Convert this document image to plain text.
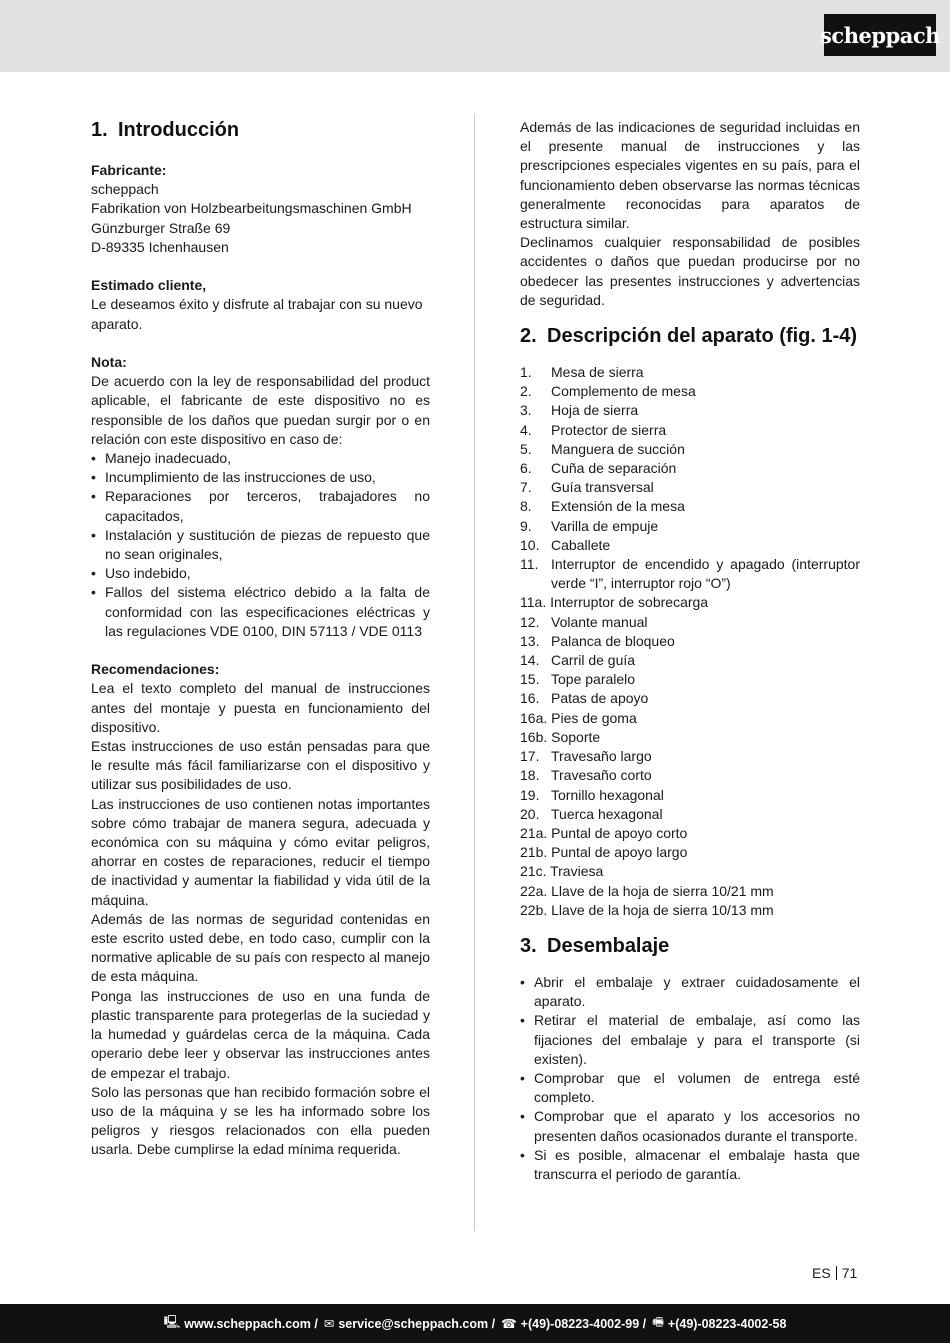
scheppach
1. Introducción
Fabricante:
scheppach
Fabrikation von Holzbearbeitungsmaschinen GmbH
Günzburger Straße 69
D-89335 Ichenhausen
Estimado cliente,

Le deseamos éxito y disfrute al trabajar con su nuevo aparato.

Nota:

De acuerdo con la ley de responsabilidad del product aplicable, el fabricante de este dispositivo no es responsible de los daños que puedan surgir por o en relación con este dispositivo en caso de:

• Manejo inadecuado,
• Incumplimiento de las instrucciones de uso,
• Reparaciones por terceros, trabajadores no capacitados,
• Instalación y sustitución de piezas de repuesto que no sean originales,
• Uso indebido,
• Fallos del sistema eléctrico debido a la falta de conformidad con las especificaciones eléctricas y las regulaciones VDE 0100, DIN 57113 / VDE 0113
Recomendaciones:

Lea el texto completo del manual de instrucciones antes del montaje y puesta en funcionamiento del dispositivo.

Estas instrucciones de uso están pensadas para que le resulte más fácil familiarizarse con el dispositivo y utilizar sus posibilidades de uso.

Las instrucciones de uso contienen notas importantes sobre cómo trabajar de manera segura, adecuada y económica con su máquina y cómo evitar peligros, ahorrar en costes de reparaciones, reducir el tiempo de inactividad y aumentar la fiabilidad y vida útil de la máquina.

Además de las normas de seguridad contenidas en este escrito usted debe, en todo caso, cumplir con la normative aplicable de su país con respecto al manejo de esta máquina.

Ponga las instrucciones de uso en una funda de plastic transparente para protegerlas de la suciedad y la humedad y guárdelas cerca de la máquina. Cada operario debe leer y observar las instrucciones antes de empezar el trabajo.

Solo las personas que han recibido formación sobre el uso de la máquina y se les ha informado sobre los peligros y riesgos relacionados con ella pueden usarla. Debe cumplirse la edad mínima requerida.

Además de las indicaciones de seguridad incluidas en el presente manual de instrucciones y las prescripciones especiales vigentes en su país, para el funcionamiento deben observarse las normas técnicas generalmente reconocidas para aparatos de estructura similar.

Declinamos cualquier responsabilidad de posibles accidentes o daños que puedan producirse por no obedecer las presentes instrucciones y advertencias de seguridad.

2. Descripción del aparato (fig. 1-4)
1. Mesa de sierra
2. Complemento de mesa
3. Hoja de sierra
4. Protector de sierra
5. Manguera de succión
6. Cuña de separación
7. Guía transversal
8. Extensión de la mesa
9. Varilla de empuje
10. Caballete
11. Interruptor de encendido y apagado (interruptor verde “I”, interruptor rojo “O”)
11a. Interruptor de sobrecarga
12. Volante manual
13. Palanca de bloqueo
14. Carril de guía
15. Tope paralelo
16. Patas de apoyo
16a. Pies de goma
16b. Soporte
17. Travesaño largo
18. Travesaño corto
19. Tornillo hexagonal
20. Tuerca hexagonal
21a. Puntal de apoyo corto
21b. Puntal de apoyo largo
21c. Traviesa
22a. Llave de la hoja de sierra 10/21 mm
22b. Llave de la hoja de sierra 10/13 mm
3. Desembalaje
• Abrir el embalaje y extraer cuidadosamente el aparato.
• Retirar el material de embalaje, así como las fijaciones del embalaje y para el transporte (si existen).
• Comprobar que el volumen de entrega esté completo.
• Comprobar que el aparato y los accesorios no presenten daños ocasionados durante el transporte.
• Si es posible, almacenar el embalaje hasta que transcurra el periodo de garantía.
ES 71
🖳 www.scheppach.com / ✉ service@scheppach.com / ☎ +(49)-08223-4002-99 / 🖷 +(49)-08223-4002-58
